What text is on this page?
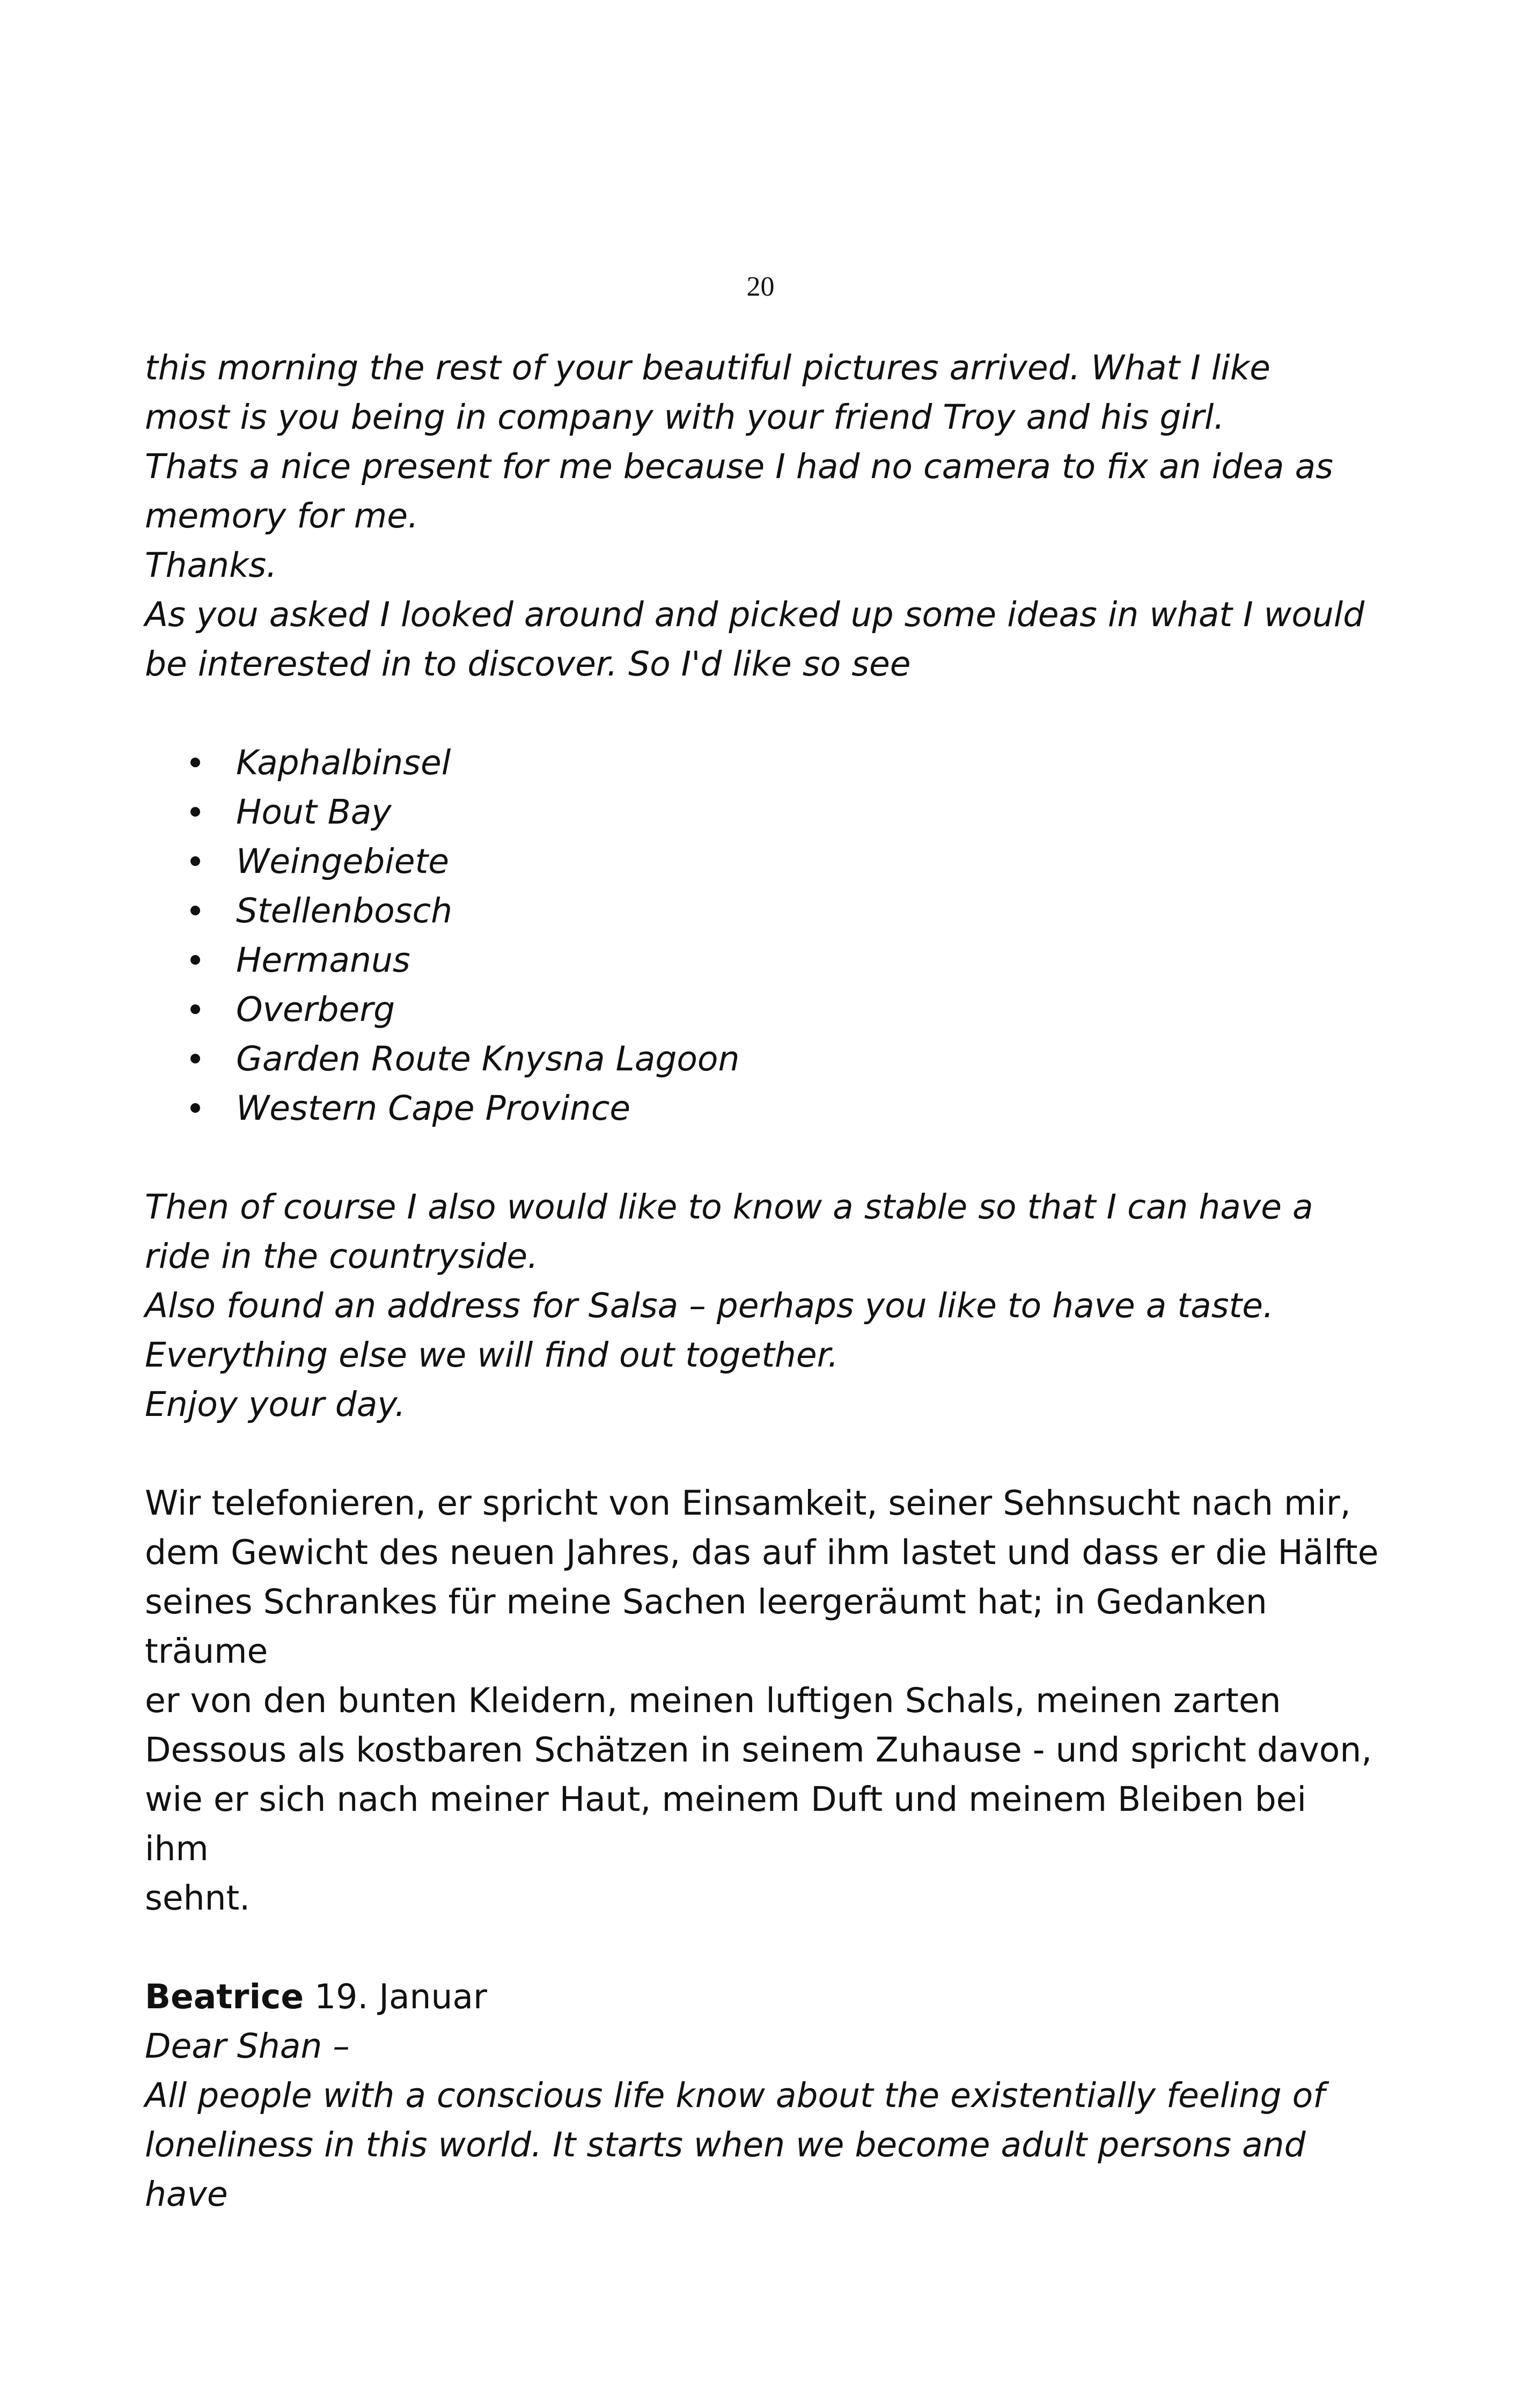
20

this morning the rest of your beautiful pictures arrived. What I like

most is you being in company with your friend Troy and his girl.

Thats a nice present for me because I had no camera to fix an idea as

memory for me.

Thanks.

As you asked I looked around and picked up some ideas in what I would

be interested in to discover. So I'd like so see

Kaphalbinsel
Hout Bay
Weingebiete
Stellenbosch
Hermanus
Overberg
Garden Route Knysna Lagoon
Western Cape Province

Then of course I also would like to know a stable so that I can have a

ride in the countryside.

Also found an address for Salsa – perhaps you like to have a taste.

Everything else we will find out together.

Enjoy your day.

Wir telefonieren, er spricht von Einsamkeit, seiner Sehnsucht nach mir,

dem Gewicht des neuen Jahres, das auf ihm lastet und dass er die Hälfte

seines Schrankes für meine Sachen leergeräumt hat; in Gedanken träume

er von den bunten Kleidern, meinen luftigen Schals, meinen zarten

Dessous als kostbaren Schätzen in seinem Zuhause - und spricht davon,

wie er sich nach meiner Haut, meinem Duft und meinem Bleiben bei ihm

sehnt.

Beatrice 19. Januar

Dear Shan –

All people with a conscious life know about the existentially feeling of

loneliness in this world. It starts when we become adult persons and have
